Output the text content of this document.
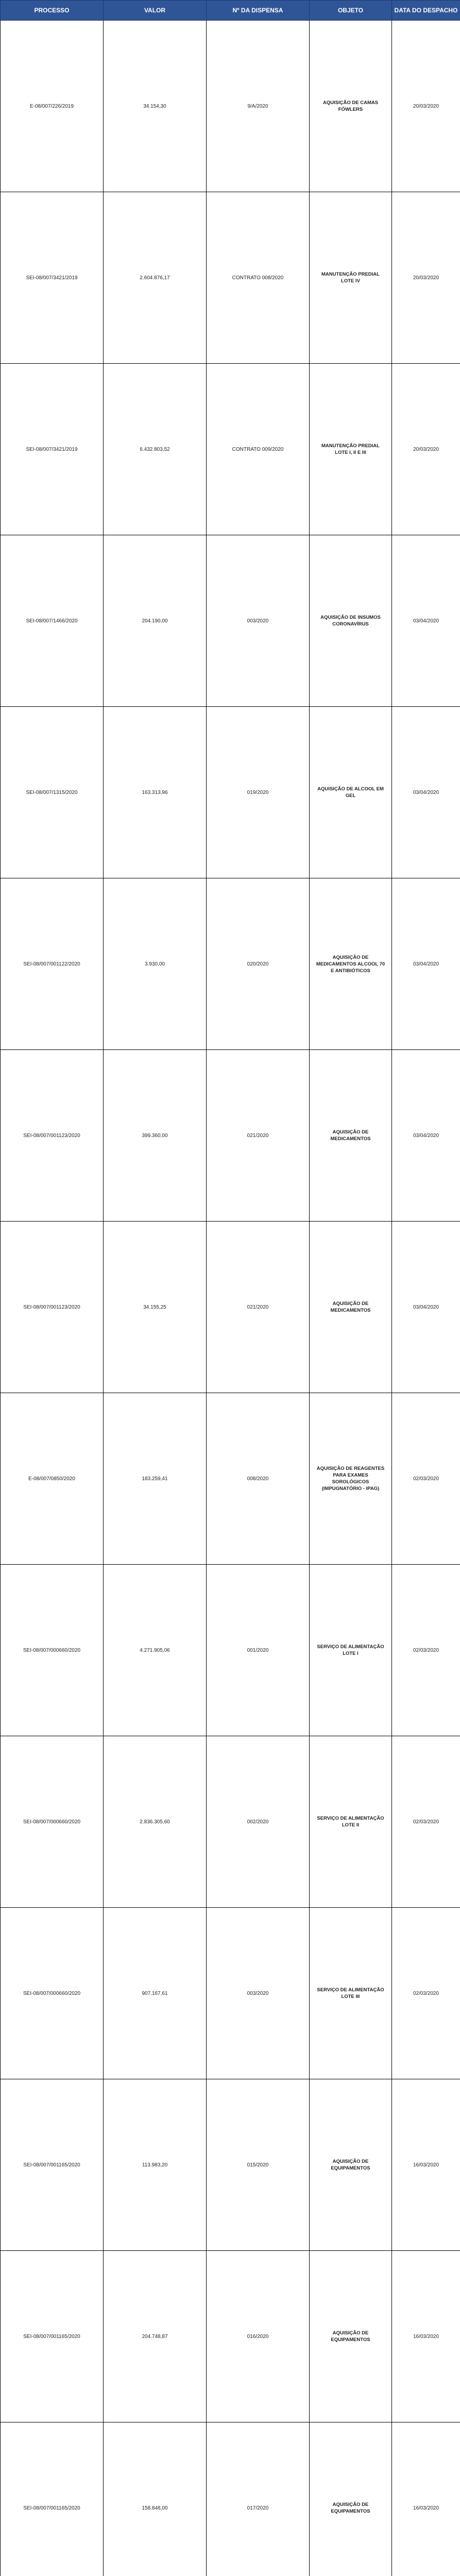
PROCESSO	VALOR	Nº DA DISPENSA	OBJETO	DATA DO DESPACHO
E-08/007/226/2019	34.154,30	9/A/2020	AQUISIÇÃO DE CAMAS FÓWLERS	20/03/2020
SEI-08/007/3421/2019	2.604.876,17	CONTRATO 008/2020	MANUTENÇÃO PREDIAL LOTE IV	20/03/2020
SEI-08/007/3421/2019	6.432.803,52	CONTRATO 009/2020	MANUTENÇÃO PREDIAL LOTE I, II E III	20/03/2020
SEI-08/007/1466/2020	204.190,00	003/2020	AQUISIÇÃO DE INSUMOS CORONAVÍRUS	03/04/2020
SEI-08/007/1315/2020	163.313,96	019/2020	AQUISIÇÃO DE ALCOOL EM GEL	03/04/2020
SEI-08/007/001122/2020	3.930,00	020/2020	AQUISIÇÃO DE MEDICAMENTOS ALCOOL 70 E ANTIBIÓTICOS	03/04/2020
SEI-08/007/001123/2020	399.360,00	021/2020	AQUISIÇÃO DE MEDICAMENTOS	03/04/2020
SEI-08/007/001123/2020	34.155,25	021/2020	AQUISIÇÃO DE MEDICAMENTOS	03/04/2020
E-08/007/0850/2020	183.259,41	008/2020	AQUISIÇÃO DE REAGENTES PARA EXAMES SOROLÓGICOS (IMPUGNATÓRIO - IPAG)	02/03/2020
SEI-08/007/000660/2020	4.271.905,06	001/2020	SERVIÇO DE ALIMENTAÇÃO LOTE I	02/03/2020
SEI-08/007/000660/2020	2.836.305,60	002/2020	SERVIÇO DE ALIMENTAÇÃO LOTE II	02/03/2020
SEI-08/007/000660/2020	907.167,61	003/2020	SERVIÇO DE ALIMENTAÇÃO LOTE III	02/03/2020
SEI-08/007/001165/2020	113.983,20	015/2020	AQUISIÇÃO DE EQUIPAMENTOS	16/03/2020
SEI-08/007/001165/2020	204.748,87	016/2020	AQUISIÇÃO DE EQUIPAMENTOS	16/03/2020
SEI-08/007/001165/2020	158.848,00	017/2020	AQUISIÇÃO DE EQUIPAMENTOS	16/03/2020
